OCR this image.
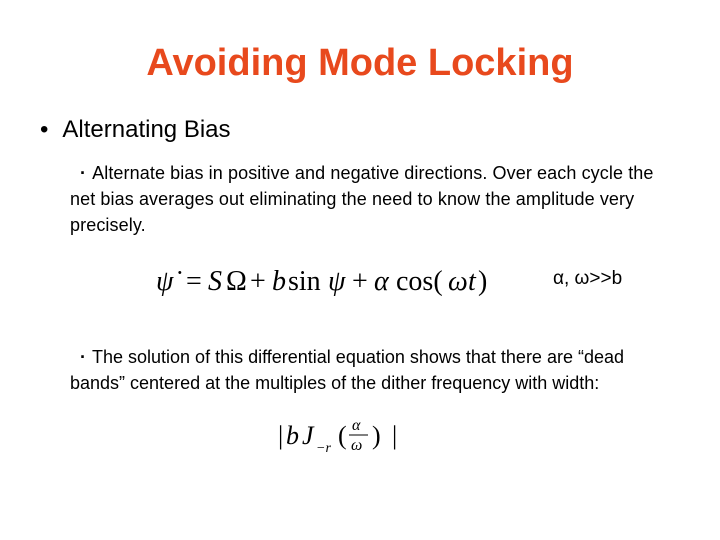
Avoiding Mode Locking
• Alternating Bias
· Alternate bias in positive and negative directions. Over each cycle the net bias averages out eliminating the need to know the amplitude very precisely.
ψ̇ = S Ω + b sin ψ + α cos( ω t )	α, ω>>b
· The solution of this differential equation shows that there are “dead bands” centered at the multiples of the dither frequency with width:
| b J −r ( α
ω ) |
